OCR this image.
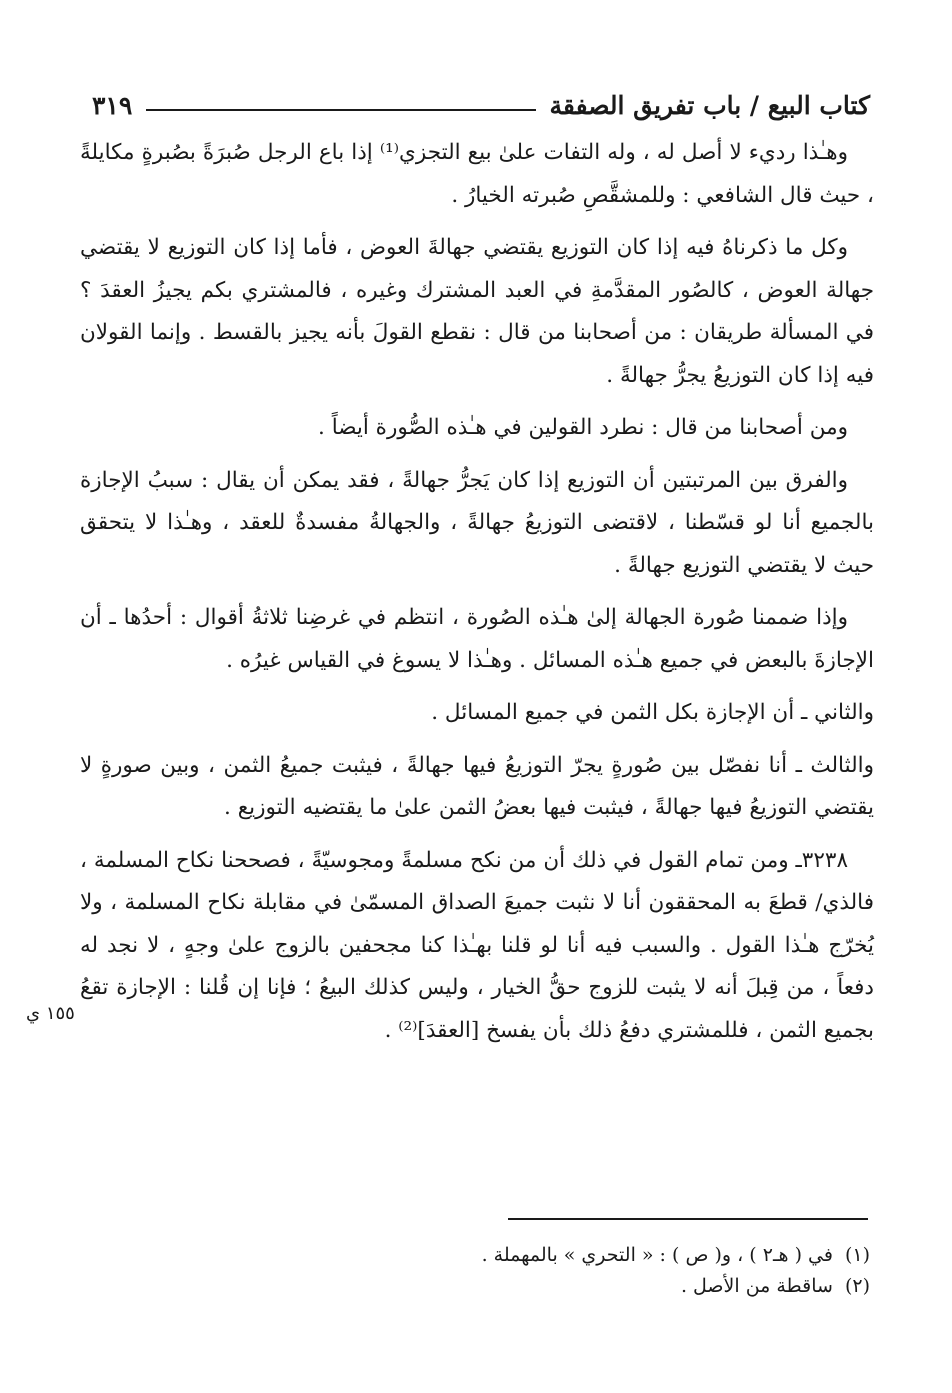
كتاب البيع / باب تفريق الصفقة
٣١٩

وهـٰذا رديء لا أصل له ، وله التفات علىٰ بيع التجزي⁽¹⁾ إذا باع الرجل صُبرَةً بصُبرةٍ مكايلةً ، حيث قال الشافعي : وللمشقَّصِ صُبرته الخيارُ .

وكل ما ذكرناهُ فيه إذا كان التوزيع يقتضي جهالةَ العوض ، فأما إذا كان التوزيع لا يقتضي جهالة العوض ، كالصُور المقدَّمةِ في العبد المشترك وغيره ، فالمشتري بكم يجيزُ العقدَ ؟ في المسألة طريقان : من أصحابنا من قال : نقطع القولَ بأنه يجيز بالقسط . وإنما القولان فيه إذا كان التوزيعُ يجرُّ جهالةً .

ومن أصحابنا من قال : نطرد القولين في هـٰذه الصُّورة أيضاً .

والفرق بين المرتبتين أن التوزيع إذا كان يَجرُّ جهالةً ، فقد يمكن أن يقال : سببُ الإجازة بالجميع أنا لو قسّطنا ، لاقتضى التوزيعُ جهالةً ، والجهالةُ مفسدةٌ للعقد ، وهـٰذا لا يتحقق حيث لا يقتضي التوزيع جهالةً .

وإذا ضممنا صُورة الجهالة إلىٰ هـٰذه الصُورة ، انتظم في غرضِنا ثلاثةُ أقوال : أحدُها ـ أن الإجازةَ بالبعض في جميع هـٰذه المسائل . وهـٰذا لا يسوغ في القياس غيرُه .

والثاني ـ أن الإجازة بكل الثمن في جميع المسائل .

والثالث ـ أنا نفصّل بين صُورةٍ يجرّ التوزيعُ فيها جهالةً ، فيثبت جميعُ الثمن ، وبين صورةٍ لا يقتضي التوزيعُ فيها جهالةً ، فيثبت فيها بعضُ الثمن علىٰ ما يقتضيه التوزيع .

٣٢٣٨ـ ومن تمام القول في ذلك أن من نكح مسلمةً ومجوسيّةً ، فصححنا نكاح المسلمة ، فالذي/ قطعَ به المحققون أنا لا نثبت جميعَ الصداق المسمّىٰ في مقابلة نكاح المسلمة ، ولا يُخرّج هـٰذا القول . والسبب فيه أنا لو قلنا بهـٰذا كنا مجحفين بالزوج علىٰ وجهٍ ، لا نجد له دفعاً ، من قِبلَ أنه لا يثبت للزوج حقُّ الخيار ، وليس كذلك البيعُ ؛ فإنا إن قُلنا : الإجازة تقعُ بجميع الثمن ، فللمشتري دفعُ ذلك بأن يفسخ [العقدَ]⁽²⁾ .

١٥٥ ي
(١)
في ( هـ٢ ) ، و( ص ) : « التحري » بالمهملة .
(٢)
ساقطة من الأصل .
